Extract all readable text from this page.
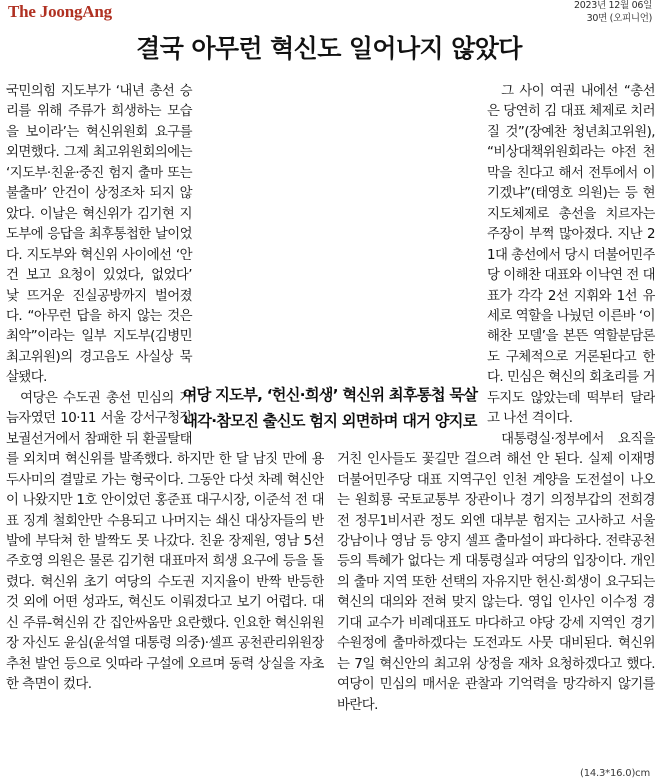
The JoongAng	2023년 12월 06일
30면 (오피니언)
결국 아무런 혁신도 일어나지 않았다

국민의힘 지도부가 ‘내년 총선 승리를 위해 주류가 희생하는 모습을 보이라’는 혁신위원회 요구를 외면했다. 그제 최고위원회의에는 ‘지도부·친윤·중진 험지 출마 또는 불출마’ 안건이 상정조차 되지 않았다. 이날은 혁신위가 김기현 지도부에 응답을 최후통첩한 날이었다. 지도부와 혁신위 사이에선 ‘안건 보고 요청이 있었다, 없었다’ 낯 뜨거운 진실공방까지 벌어졌다. “아무런 답을 하지 않는 것은 최악”이라는 일부 지도부(김병민 최고위원)의 경고음도 사실상 묵살됐다.

여당은 수도권 총선 민심의 가늠자였던 10·11 서울 강서구청장 보궐선거에서 참패한 뒤 환골탈태를 외치며 혁신위를 발족했다. 하지만 한 달 남짓 만에 용두사미의 결말로 가는 형국이다. 그동안 다섯 차례 혁신안이 나왔지만 1호 안이었던 홍준표 대구시장, 이준석 전 대표 징계 철회안만 수용되고 나머지는 쇄신 대상자들의 반발에 부닥쳐 한 발짝도 못 나갔다. 친윤 장제원, 영남 5선 주호영 의원은 물론 김기현 대표마저 희생 요구에 등을 돌렸다. 혁신위 초기 여당의 수도권 지지율이 반짝 반등한 것 외에 어떤 성과도, 혁신도 이뤄졌다고 보기 어렵다. 대신 주류-혁신위 간 집안싸움만 요란했다. 인요한 혁신위원장 자신도 윤심(윤석열 대통령 의중)·셀프 공천관리위원장 추천 발언 등으로 잇따라 구설에 오르며 동력 상실을 자초한 측면이 컸다.

그 사이 여권 내에선 “총선은 당연히 김 대표 체제로 치러질 것”(장예찬 청년최고위원), “비상대책위원회라는 야전 천막을 친다고 해서 전투에서 이기겠냐”(태영호 의원)는 등 현 지도체제로 총선을 치르자는 주장이 부쩍 많아졌다. 지난 21대 총선에서 당시 더불어민주당 이해찬 대표와 이낙연 전 대표가 각각 2선 지휘와 1선 유세로 역할을 나눴던 이른바 ‘이해찬 모델’을 본뜬 역할분담론도 구체적으로 거론된다고 한다. 민심은 혁신의 회초리를 거두지도 않았는데 떡부터 달라고 나선 격이다.

대통령실·정부에서 요직을 거친 인사들도 꽃길만 걸으려 해선 안 된다. 실제 이재명 더불어민주당 대표 지역구인 인천 계양을 도전설이 나오는 원희룡 국토교통부 장관이나 경기 의정부갑의 전희경 전 정무1비서관 정도 외엔 대부분 험지는 고사하고 서울 강남이나 영남 등 양지 셀프 출마설이 파다하다. 전략공천 등의 특혜가 없다는 게 대통령실과 여당의 입장이다. 개인의 출마 지역 또한 선택의 자유지만 헌신·희생이 요구되는 혁신의 대의와 전혀 맞지 않는다. 영입 인사인 이수정 경기대 교수가 비례대표도 마다하고 야당 강세 지역인 경기 수원정에 출마하겠다는 도전과도 사뭇 대비된다. 혁신위는 7일 혁신안의 최고위 상정을 재차 요청하겠다고 했다. 여당이 민심의 매서운 관찰과 기억력을 망각하지 않기를 바란다.

여당 지도부, ‘헌신·희생’ 혁신위 최후통첩 묵살
내각·참모진 출신도 험지 외면하며 대거 양지로
(14.3*16.0)cm
